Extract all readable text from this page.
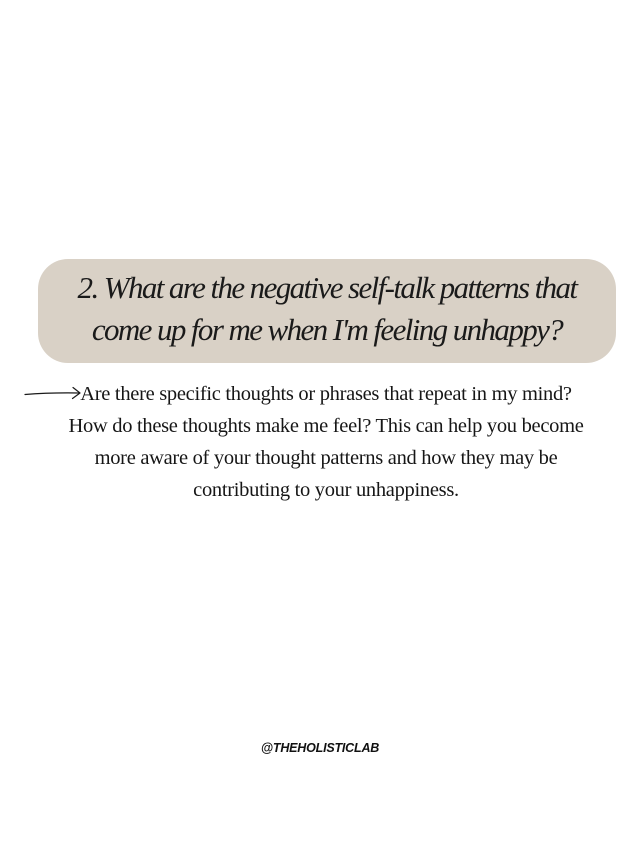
2. What are the negative self-talk patterns that come up for me when I'm feeling unhappy?

Are there specific thoughts or phrases that repeat in my mind? How do these thoughts make me feel? This can help you become more aware of your thought patterns and how they may be contributing to your unhappiness.

@THEHOLISTICLAB
